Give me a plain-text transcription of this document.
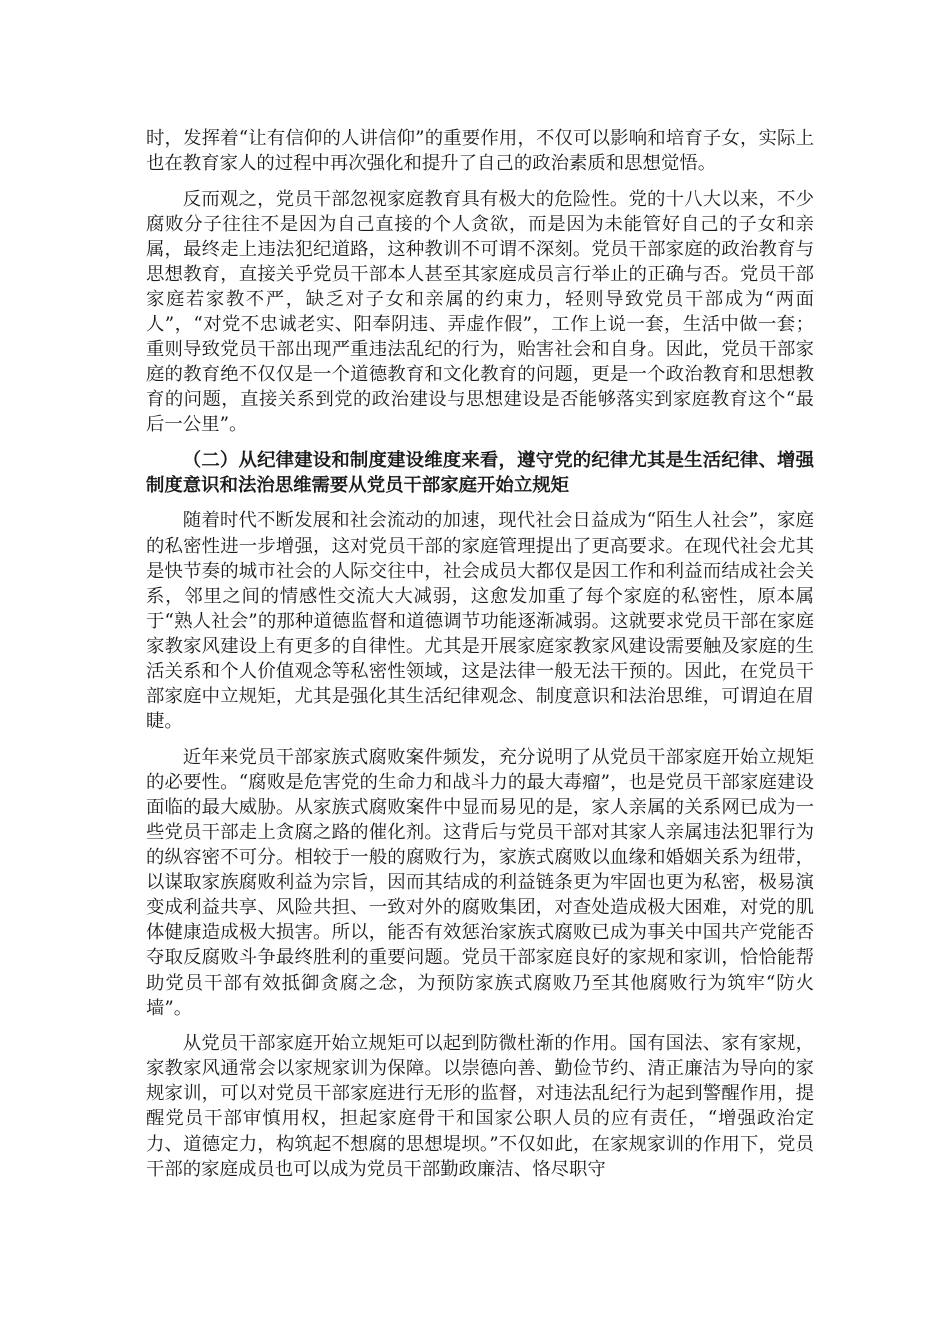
时，发挥着“让有信仰的人讲信仰”的重要作用，不仅可以影响和培育子女，实际上也在教育家人的过程中再次强化和提升了自己的政治素质和思想觉悟。

反而观之，党员干部忽视家庭教育具有极大的危险性。党的十八大以来，不少腐败分子往往不是因为自己直接的个人贪欲，而是因为未能管好自己的子女和亲属，最终走上违法犯纪道路，这种教训不可谓不深刻。党员干部家庭的政治教育与思想教育，直接关乎党员干部本人甚至其家庭成员言行举止的正确与否。党员干部家庭若家教不严，缺乏对子女和亲属的约束力，轻则导致党员干部成为“两面人”，“对党不忠诚老实、阳奉阴违、弄虚作假”，工作上说一套，生活中做一套；重则导致党员干部出现严重违法乱纪的行为，贻害社会和自身。因此，党员干部家庭的教育绝不仅仅是一个道德教育和文化教育的问题，更是一个政治教育和思想教育的问题，直接关系到党的政治建设与思想建设是否能够落实到家庭教育这个“最后一公里”。

（二）从纪律建设和制度建设维度来看，遵守党的纪律尤其是生活纪律、增强制度意识和法治思维需要从党员干部家庭开始立规矩

随着时代不断发展和社会流动的加速，现代社会日益成为“陌生人社会”，家庭的私密性进一步增强，这对党员干部的家庭管理提出了更高要求。在现代社会尤其是快节奏的城市社会的人际交往中，社会成员大都仅是因工作和利益而结成社会关系，邻里之间的情感性交流大大减弱，这愈发加重了每个家庭的私密性，原本属于“熟人社会”的那种道德监督和道德调节功能逐渐减弱。这就要求党员干部在家庭家教家风建设上有更多的自律性。尤其是开展家庭家教家风建设需要触及家庭的生活关系和个人价值观念等私密性领域，这是法律一般无法干预的。因此，在党员干部家庭中立规矩，尤其是强化其生活纪律观念、制度意识和法治思维，可谓迫在眉睫。

近年来党员干部家族式腐败案件频发，充分说明了从党员干部家庭开始立规矩的必要性。“腐败是危害党的生命力和战斗力的最大毒瘤”，也是党员干部家庭建设面临的最大威胁。从家族式腐败案件中显而易见的是，家人亲属的关系网已成为一些党员干部走上贪腐之路的催化剂。这背后与党员干部对其家人亲属违法犯罪行为的纵容密不可分。相较于一般的腐败行为，家族式腐败以血缘和婚姻关系为纽带，以谋取家族腐败利益为宗旨，因而其结成的利益链条更为牢固也更为私密，极易演变成利益共享、风险共担、一致对外的腐败集团，对查处造成极大困难，对党的肌体健康造成极大损害。所以，能否有效惩治家族式腐败已成为事关中国共产党能否夺取反腐败斗争最终胜利的重要问题。党员干部家庭良好的家规和家训，恰恰能帮助党员干部有效抵御贪腐之念，为预防家族式腐败乃至其他腐败行为筑牢“防火墙”。

从党员干部家庭开始立规矩可以起到防微杜渐的作用。国有国法、家有家规，家教家风通常会以家规家训为保障。以崇德向善、勤俭节约、清正廉洁为导向的家规家训，可以对党员干部家庭进行无形的监督，对违法乱纪行为起到警醒作用，提醒党员干部审慎用权，担起家庭骨干和国家公职人员的应有责任，“增强政治定力、道德定力，构筑起不想腐的思想堤坝。”不仅如此，在家规家训的作用下，党员干部的家庭成员也可以成为党员干部勤政廉洁、恪尽职守
